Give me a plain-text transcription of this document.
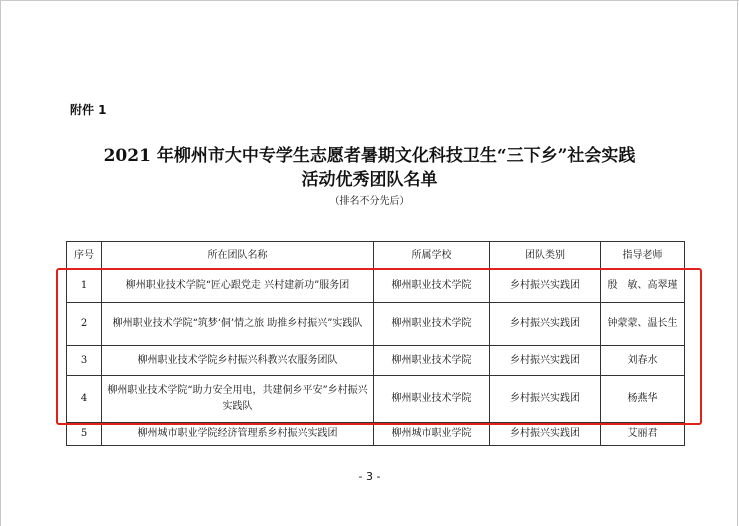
附件 1
2021 年柳州市大中专学生志愿者暑期文化科技卫生“三下乡”社会实践
活动优秀团队名单
（排名不分先后）
序号	所在团队名称	所属学校	团队类别	指导老师
1	柳州职业技术学院“匠心跟党走 兴村建新功”服务团	柳州职业技术学院	乡村振兴实践团	殷　敏、高翠瑾
2	柳州职业技术学院“筑梦‘侗’情之旅 助推乡村振兴”实践队	柳州职业技术学院	乡村振兴实践团	钟蒙蒙、温长生
3	柳州职业技术学院乡村振兴科教兴农服务团队	柳州职业技术学院	乡村振兴实践团	刘春水
4	柳州职业技术学院“助力安全用电，共建侗乡平安”乡村振兴实践队	柳州职业技术学院	乡村振兴实践团	杨燕华
5	柳州城市职业学院经济管理系乡村振兴实践团	柳州城市职业学院	乡村振兴实践团	艾丽君
- 3 -
